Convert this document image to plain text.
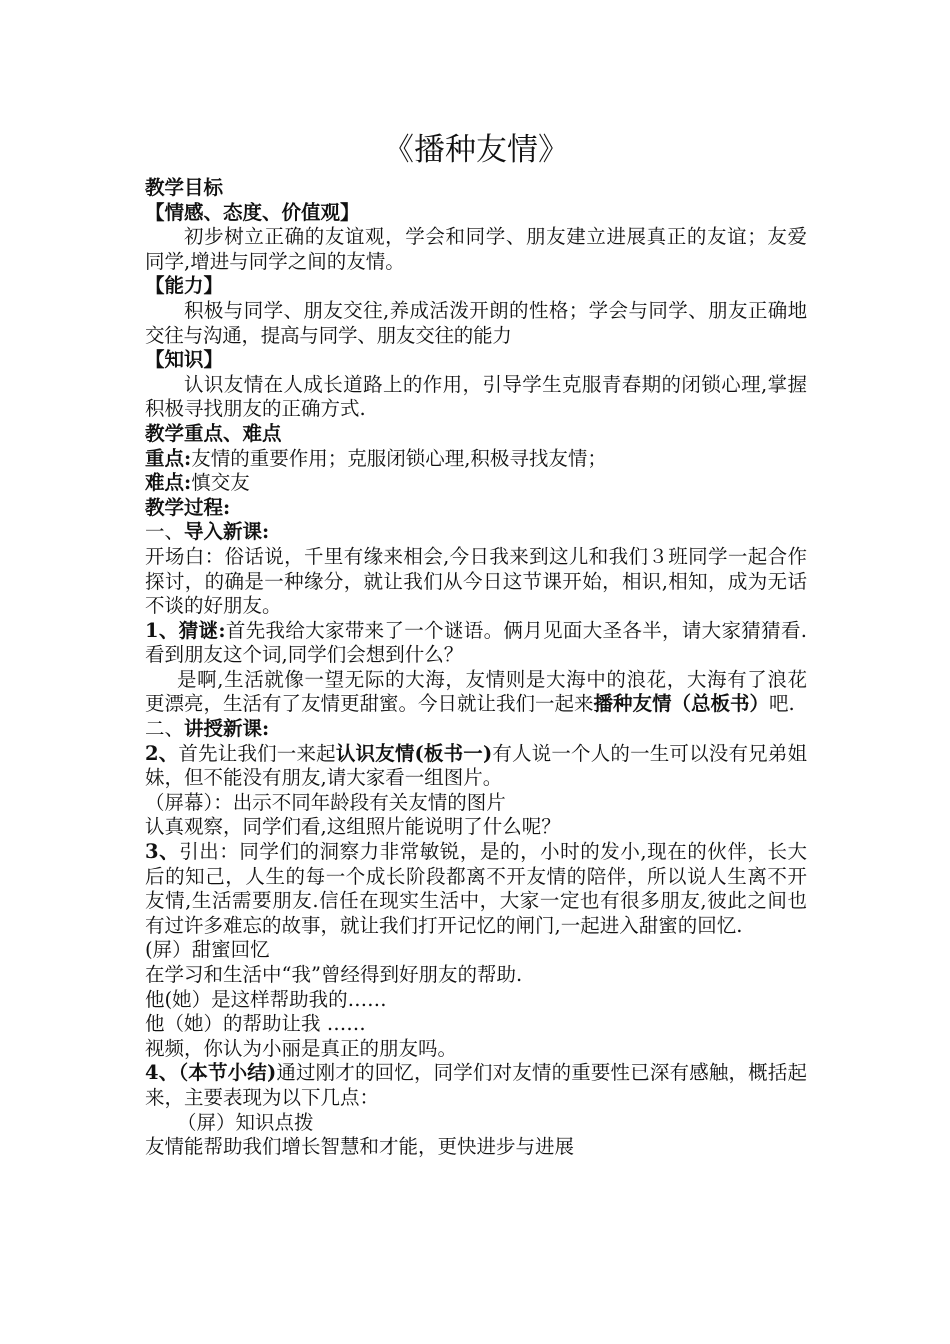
《播种友情》

教学目标

【情感、态度、价值观】

初步树立正确的友谊观，学会和同学、朋友建立进展真正的友谊；友爱同学,增进与同学之间的友情。

【能力】

积极与同学、朋友交往,养成活泼开朗的性格；学会与同学、朋友正确地交往与沟通，提高与同学、朋友交往的能力

【知识】

认识友情在人成长道路上的作用，引导学生克服青春期的闭锁心理,掌握积极寻找朋友的正确方式.

教学重点、难点

重点:友情的重要作用；克服闭锁心理,积极寻找友情；

难点:慎交友

教学过程:

一、导入新课:

开场白：俗话说，千里有缘来相会,今日我来到这儿和我们３班同学一起合作探讨，的确是一种缘分，就让我们从今日这节课开始，相识,相知，成为无话不谈的好朋友。

1、猜谜:首先我给大家带来了一个谜语。俩月见面大圣各半，请大家猜猜看.　看到朋友这个词,同学们会想到什么？

是啊,生活就像一望无际的大海，友情则是大海中的浪花，大海有了浪花更漂亮，生活有了友情更甜蜜。今日就让我们一起来播种友情（总板书）吧.

二、讲授新课:

2、首先让我们一来起认识友情(板书一)有人说一个人的一生可以没有兄弟姐妹，但不能没有朋友,请大家看一组图片。

（屏幕）：出示不同年龄段有关友情的图片

认真观察，同学们看,这组照片能说明了什么呢？

3、引出：同学们的洞察力非常敏锐，是的，小时的发小,现在的伙伴，长大后的知己，人生的每一个成长阶段都离不开友情的陪伴，所以说人生离不开友情,生活需要朋友.信任在现实生活中，大家一定也有很多朋友,彼此之间也有过许多难忘的故事，就让我们打开记忆的闸门,一起进入甜蜜的回忆.

(屏）甜蜜回忆

在学习和生活中“我”曾经得到好朋友的帮助.

他(她）是这样帮助我的……

他（她）的帮助让我 ……

视频，你认为小丽是真正的朋友吗。

4、（本节小结)通过刚才的回忆，同学们对友情的重要性已深有感触，概括起来，主要表现为以下几点：

（屏）知识点拨

友情能帮助我们增长智慧和才能，更快进步与进展
